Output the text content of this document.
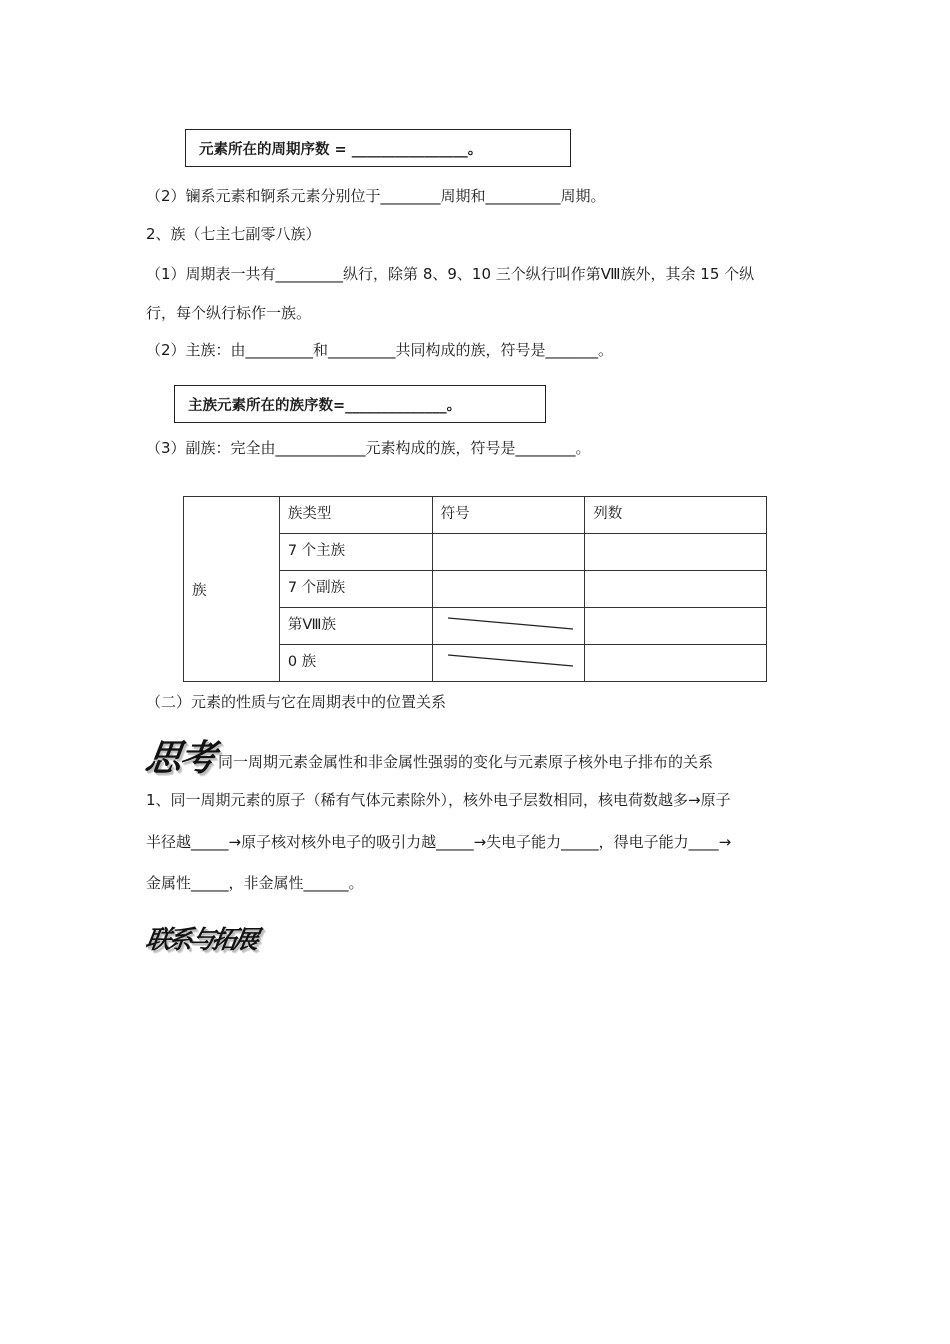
元素所在的周期序数 = ________________。
（2）镧系元素和锕系元素分别位于________周期和__________周期。
2、族（七主七副零八族）
（1）周期表一共有_________纵行，除第 8、9、10 三个纵行叫作第Ⅷ族外，其余 15 个纵
行，每个纵行标作一族。
（2）主族：由_________和_________共同构成的族，符号是_______。
主族元素所在的族序数=______________。
（3）副族：完全由____________元素构成的族，符号是________。
族	族类型	符号	列数
	7 个主族		
	7 个副族		
	第Ⅷ族	

	0 族	

（二）元素的性质与它在周期表中的位置关系
思考 同一周期元素金属性和非金属性强弱的变化与元素原子核外电子排布的关系
1、同一周期元素的原子（稀有气体元素除外），核外电子层数相同，核电荷数越多→原子
半径越_____→原子核对核外电子的吸引力越_____→失电子能力_____，得电子能力____→
金属性_____，非金属性______。
联系与拓展
